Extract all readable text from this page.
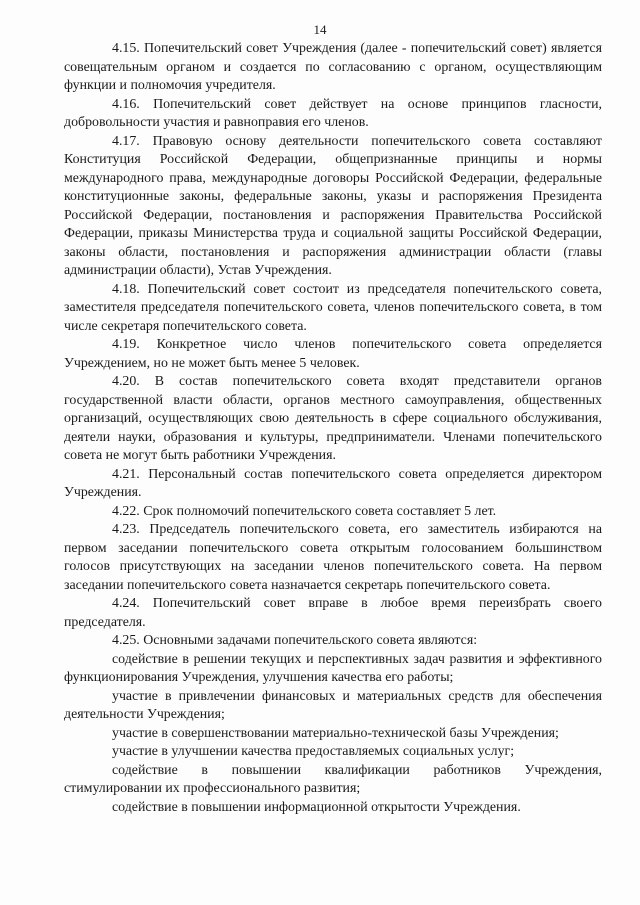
14

4.15. Попечительский совет Учреждения (далее - попечительский совет) является совещательным органом и создается по согласованию с органом, осуществляющим функции и полномочия учредителя.

4.16. Попечительский совет действует на основе принципов гласности, добровольности участия и равноправия его членов.

4.17. Правовую основу деятельности попечительского совета составляют Конституция Российской Федерации, общепризнанные принципы и нормы международного права, международные договоры Российской Федерации, федеральные конституционные законы, федеральные законы, указы и распоряжения Президента Российской Федерации, постановления и распоряжения Правительства Российской Федерации, приказы Министерства труда и социальной защиты Российской Федерации, законы области, постановления и распоряжения администрации области (главы администрации области), Устав Учреждения.

4.18. Попечительский совет состоит из председателя попечительского совета, заместителя председателя попечительского совета, членов попечительского совета, в том числе секретаря попечительского совета.

4.19. Конкретное число членов попечительского совета определяется Учреждением, но не может быть менее 5 человек.

4.20. В состав попечительского совета входят представители органов государственной власти области, органов местного самоуправления, общественных организаций, осуществляющих свою деятельность в сфере социального обслуживания, деятели науки, образования и культуры, предприниматели. Членами попечительского совета не могут быть работники Учреждения.

4.21. Персональный состав попечительского совета определяется директором Учреждения.

4.22. Срок полномочий попечительского совета составляет 5 лет.

4.23. Председатель попечительского совета, его заместитель избираются на первом заседании попечительского совета открытым голосованием большинством голосов присутствующих на заседании членов попечительского совета. На первом заседании попечительского совета назначается секретарь попечительского совета.

4.24. Попечительский совет вправе в любое время переизбрать своего председателя.

4.25. Основными задачами попечительского совета являются:

содействие в решении текущих и перспективных задач развития и эффективного функционирования Учреждения, улучшения качества его работы;

участие в привлечении финансовых и материальных средств для обеспечения деятельности Учреждения;

участие в совершенствовании материально-технической базы Учреждения;

участие в улучшении качества предоставляемых социальных услуг;

содействие в повышении квалификации работников Учреждения, стимулировании их профессионального развития;

содействие в повышении информационной открытости Учреждения.
